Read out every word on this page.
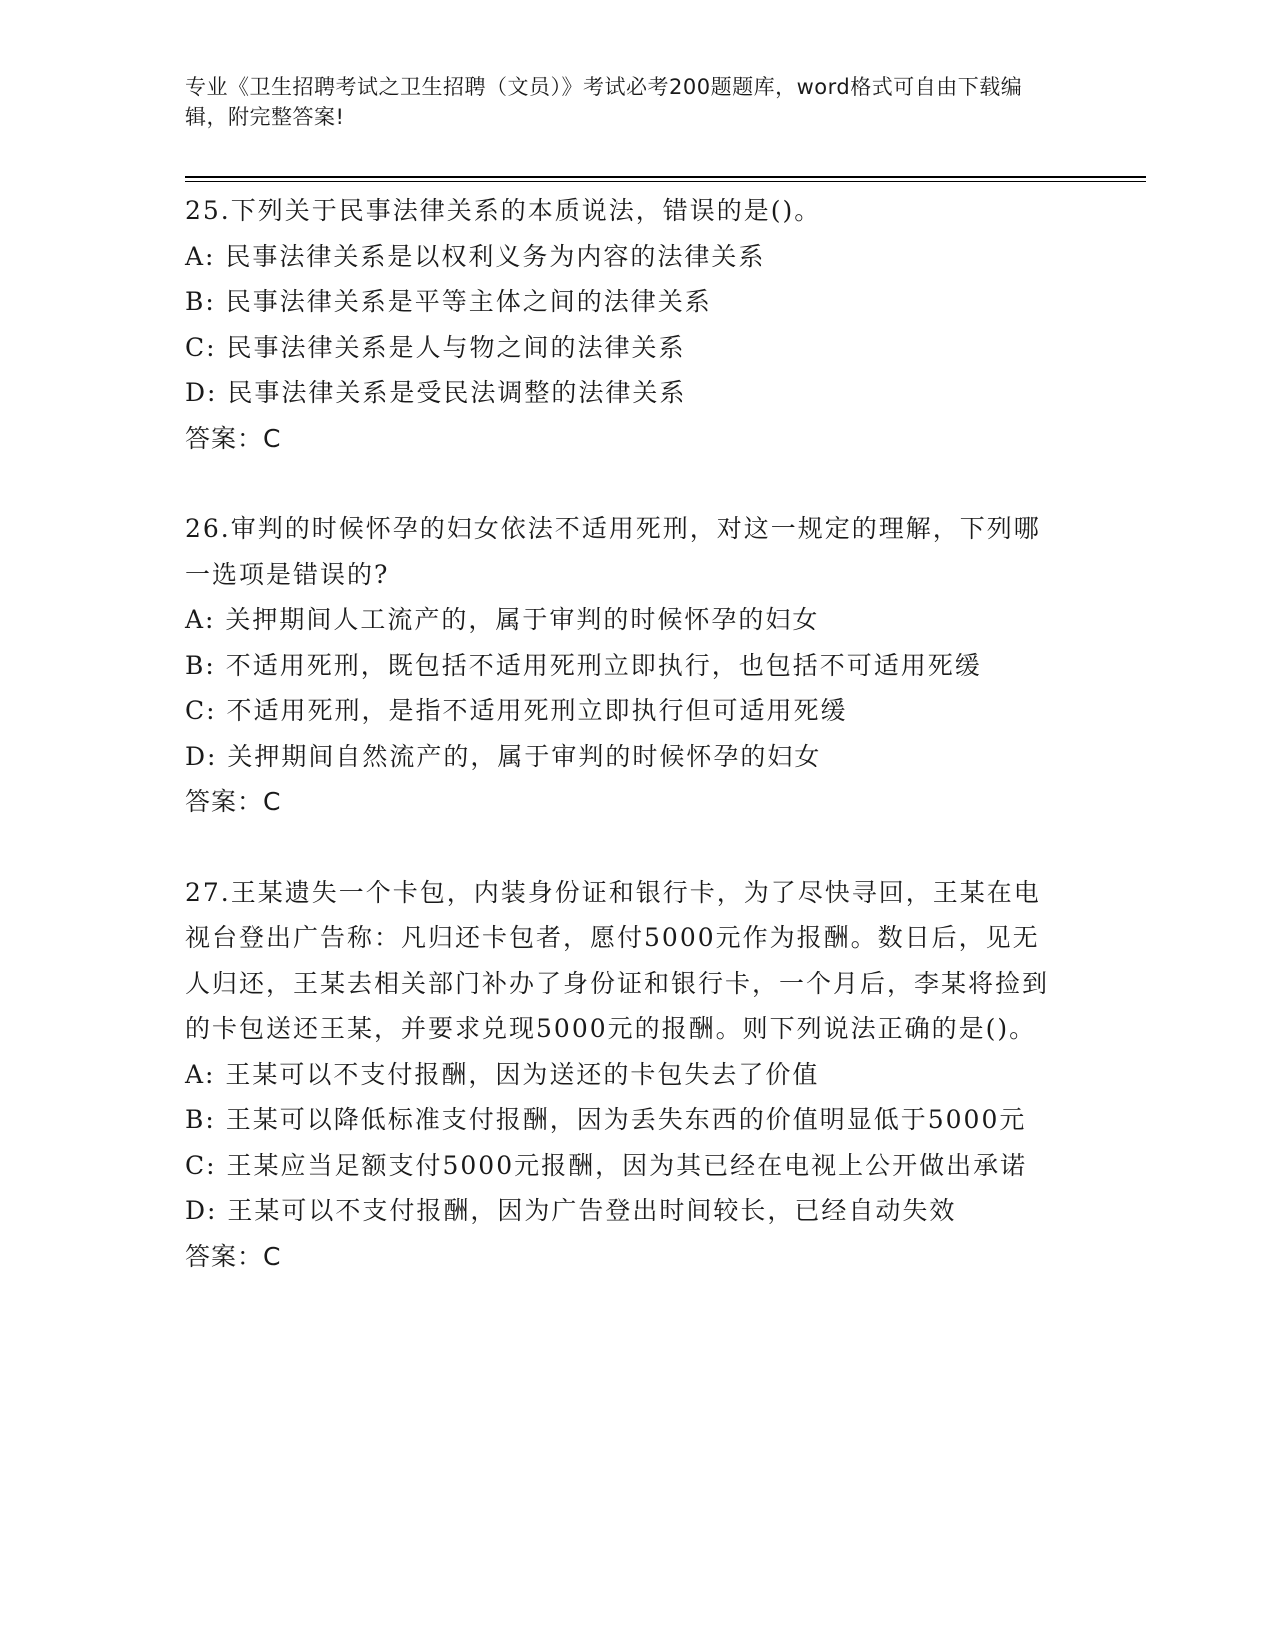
专业《卫生招聘考试之卫生招聘（文员）》考试必考200题题库，word格式可自由下载编辑，附完整答案!

25.下列关于民事法律关系的本质说法，错误的是()。

A: 民事法律关系是以权利义务为内容的法律关系

B: 民事法律关系是平等主体之间的法律关系

C: 民事法律关系是人与物之间的法律关系

D: 民事法律关系是受民法调整的法律关系

答案：C

26.审判的时候怀孕的妇女依法不适用死刑，对这一规定的理解，下列哪一选项是错误的?

A: 关押期间人工流产的，属于审判的时候怀孕的妇女

B: 不适用死刑，既包括不适用死刑立即执行，也包括不可适用死缓

C: 不适用死刑，是指不适用死刑立即执行但可适用死缓

D: 关押期间自然流产的，属于审判的时候怀孕的妇女

答案：C

27.王某遗失一个卡包，内装身份证和银行卡，为了尽快寻回，王某在电视台登出广告称：凡归还卡包者，愿付5000元作为报酬。数日后，见无人归还，王某去相关部门补办了身份证和银行卡，一个月后，李某将捡到的卡包送还王某，并要求兑现5000元的报酬。则下列说法正确的是()。

A: 王某可以不支付报酬，因为送还的卡包失去了价值

B: 王某可以降低标准支付报酬，因为丢失东西的价值明显低于5000元

C: 王某应当足额支付5000元报酬，因为其已经在电视上公开做出承诺

D: 王某可以不支付报酬，因为广告登出时间较长，已经自动失效

答案：C
